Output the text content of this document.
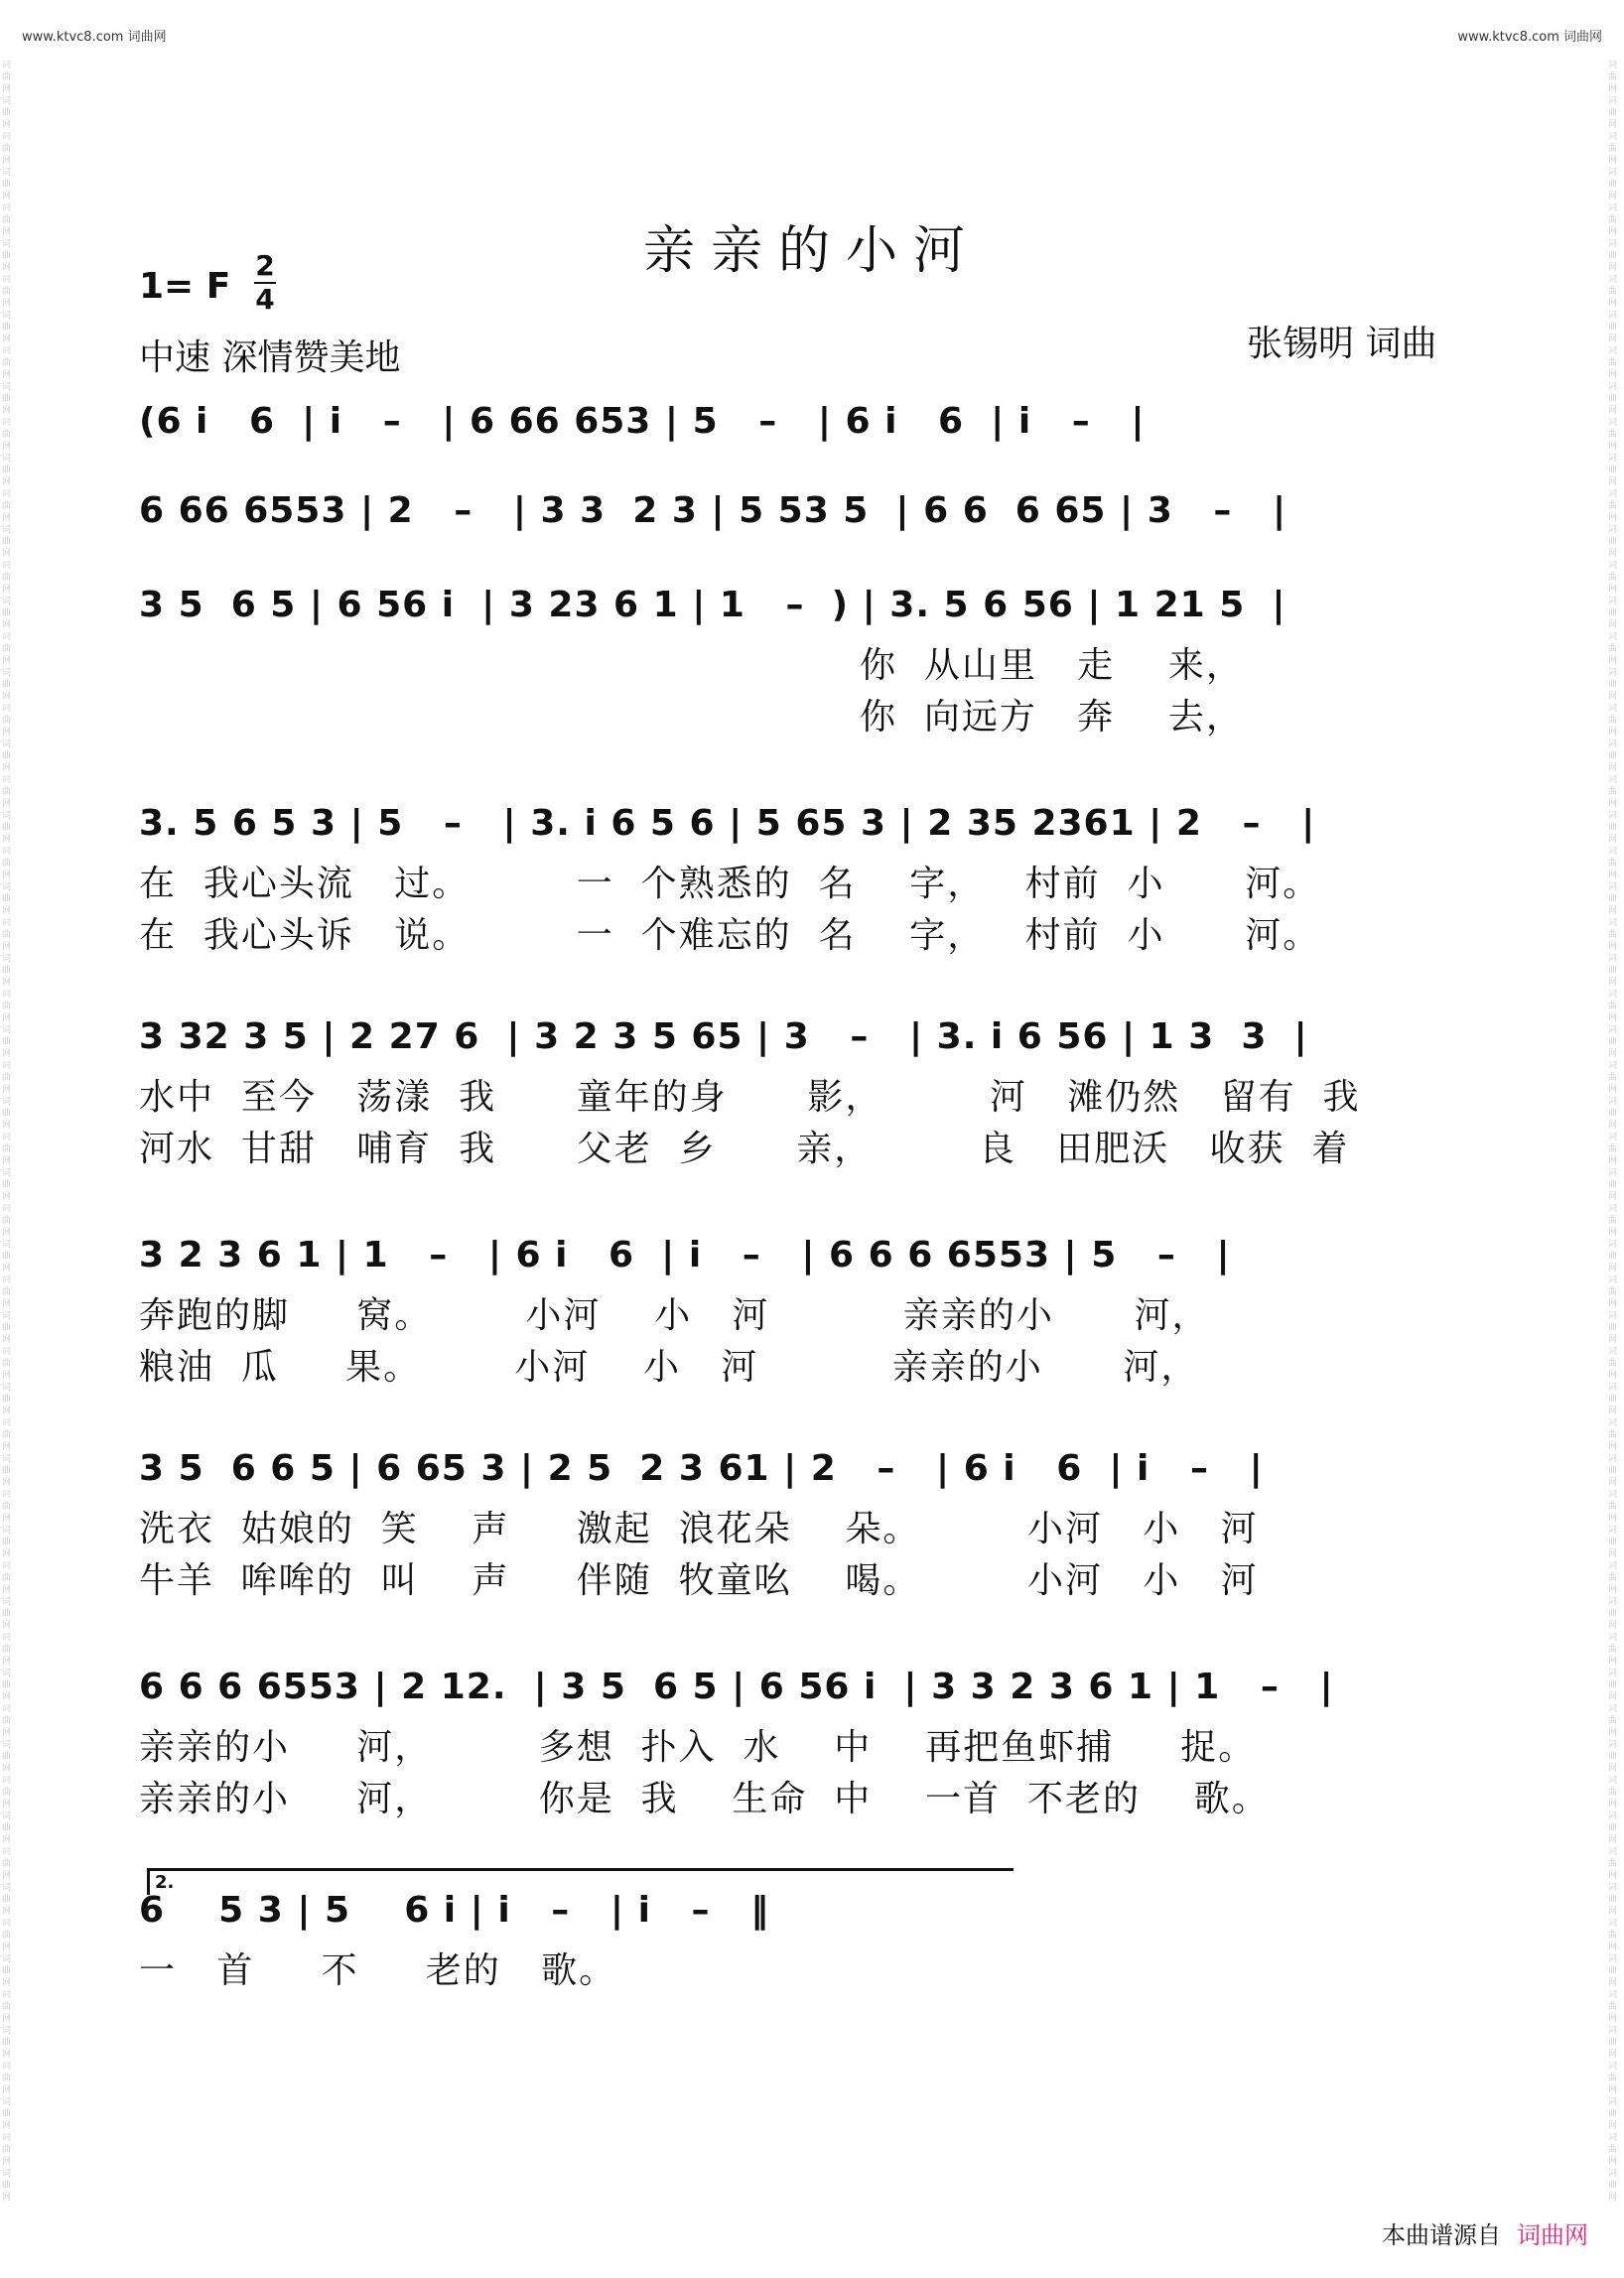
www.ktvc8.com 词曲网	www.ktvc8.com 词曲网
词曲网词曲网词曲网词曲网词曲网词曲网词曲网词曲网词曲网词曲网词曲网词曲网词曲网词曲网词曲网词曲网词曲网词曲网词曲网词曲网词曲网词曲网词曲网词曲网词曲网词曲网词曲网词曲网词曲网词曲网词曲网词曲网词曲网词曲网词曲网词曲网词曲网词曲网词曲网词曲网词曲网词曲网词曲网词曲网词曲网词曲网词曲网词曲网词曲网词曲网词曲网词曲网词曲网词曲网词曲网词曲网词曲网词曲网词曲网词曲网
词曲网词曲网词曲网词曲网词曲网词曲网词曲网词曲网词曲网词曲网词曲网词曲网词曲网词曲网词曲网词曲网词曲网词曲网词曲网词曲网词曲网词曲网词曲网词曲网词曲网词曲网词曲网词曲网词曲网词曲网词曲网词曲网词曲网词曲网词曲网词曲网词曲网词曲网词曲网词曲网词曲网词曲网词曲网词曲网词曲网词曲网词曲网词曲网词曲网词曲网词曲网词曲网词曲网词曲网词曲网词曲网词曲网词曲网词曲网词曲网
亲亲的小河
1= F
2
4
中速 深情赞美地	张锡明 词曲
(6 i   6  | i   –   | 6 66 653 | 5   –   | 6 i   6  | i   –   |
6 66 6553 | 2   –   | 3 3  2 3 | 5 53 5  | 6 6  6 65 | 3   –   |
3 5  6 5 | 6 56 i  | 3 23 6 1 | 1   –  ) | 3. 5 6 56 | 1 21 5  |
你  从山里   走    来，
你  向远方   奔    去，
3. 5 6 5 3 | 5   –   | 3. i 6 5 6 | 5 65 3 | 2 35 2361 | 2   –   |
在  我心头流   过。        一  个熟悉的  名    字，   村前  小      河。
在  我心头诉   说。        一  个难忘的  名    字，   村前  小      河。
3 32 3 5 | 2 27 6  | 3 2 3 5 65 | 3   –   | 3. i 6 56 | 1 3  3  |
水中  至今   荡漾  我      童年的身      影，        河   滩仍然   留有  我
河水  甘甜   哺育  我      父老  乡      亲，        良   田肥沃   收获  着
3 2 3 6 1 | 1   –   | 6 i   6  | i   –   | 6 6 6 6553 | 5   –   |
奔跑的脚     窝。       小河    小   河          亲亲的小      河，
粮油  瓜     果。       小河    小   河          亲亲的小      河，
3 5  6 6 5 | 6 65 3 | 2 5  2 3 61 | 2   –   | 6 i   6  | i   –   |
洗衣  姑娘的  笑    声     激起  浪花朵    朵。        小河   小   河
牛羊  哞哞的  叫    声     伴随  牧童吆    喝。        小河   小   河
6 6 6 6553 | 2 12.  | 3 5  6 5 | 6 56 i  | 3 3 2 3 6 1 | 1   –   |
亲亲的小     河，        多想  扑入  水    中    再把鱼虾捕     捉。
亲亲的小     河，        你是  我    生命  中    一首  不老的    歌。
2.
6    5 3 | 5    6 i | i   –   | i   –   ‖
一   首     不     老的   歌。
本曲谱源自 词曲网
